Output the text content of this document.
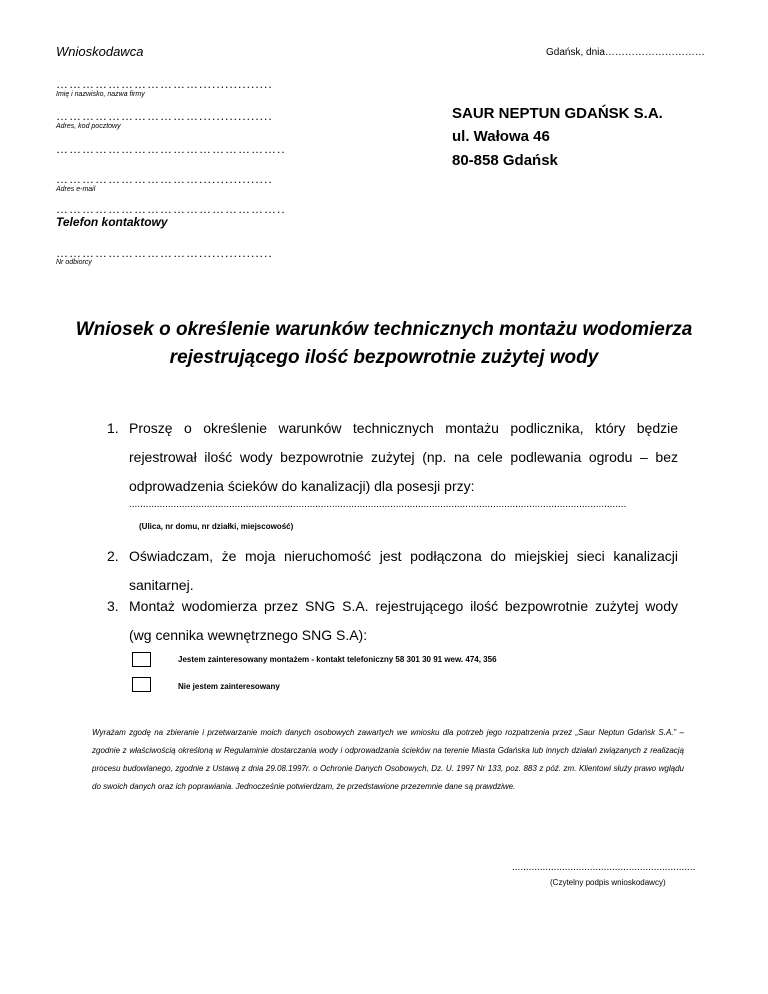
Wnioskodawca	Gdańsk, dnia…………………………
…………………………….................
Imię i nazwisko, nazwa firmy
…………………………….................
Adres, kod pocztowy
……………………………………………..
…………………………….................
Adres e-mail
……………………………………………..
Telefon kontaktowy
…………………………….................
Nr odbiorcy
SAUR NEPTUN GDAŃSK S.A.
ul. Wałowa 46
80-858 Gdańsk
Wniosek o określenie warunków technicznych montażu wodomierza
rejestrującego ilość bezpowrotnie zużytej wody
1. Proszę o określenie warunków technicznych montażu podlicznika, który będzie rejestrował ilość wody bezpowrotnie zużytej (np. na cele podlewania ogrodu – bez odprowadzenia ścieków do kanalizacji) dla posesji przy:
...................................................................................................................................................................................
(Ulica, nr domu, nr działki, miejscowość)
2. Oświadczam, że moja nieruchomość jest podłączona do miejskiej sieci kanalizacji sanitarnej.
3. Montaż wodomierza przez SNG S.A. rejestrującego ilość bezpowrotnie zużytej wody (wg cennika wewnętrznego SNG S.A):
Jestem zainteresowany montażem - kontakt telefoniczny 58 301 30 91 wew. 474, 356
Nie jestem zainteresowany
Wyrażam zgodę na zbieranie i przetwarzanie moich danych osobowych zawartych we wniosku dla potrzeb jego rozpatrzenia przez „Saur Neptun Gdańsk S.A.” – zgodnie z właściwością określoną w Regulaminie dostarczania wody i odprowadzania ścieków na terenie Miasta Gdańska lub innych działań związanych z realizacją procesu budowlanego, zgodnie z Ustawą z dnia 29.08.1997r. o Ochronie Danych Osobowych, Dz. U. 1997 Nr 133, poz. 883 z póź. zm. Klientowi służy prawo wglądu do swoich danych oraz ich poprawiania. Jednocześnie potwierdzam, że przedstawione przezemnie dane są prawdziwe.
..................................................................
(Czytelny podpis wnioskodawcy)
